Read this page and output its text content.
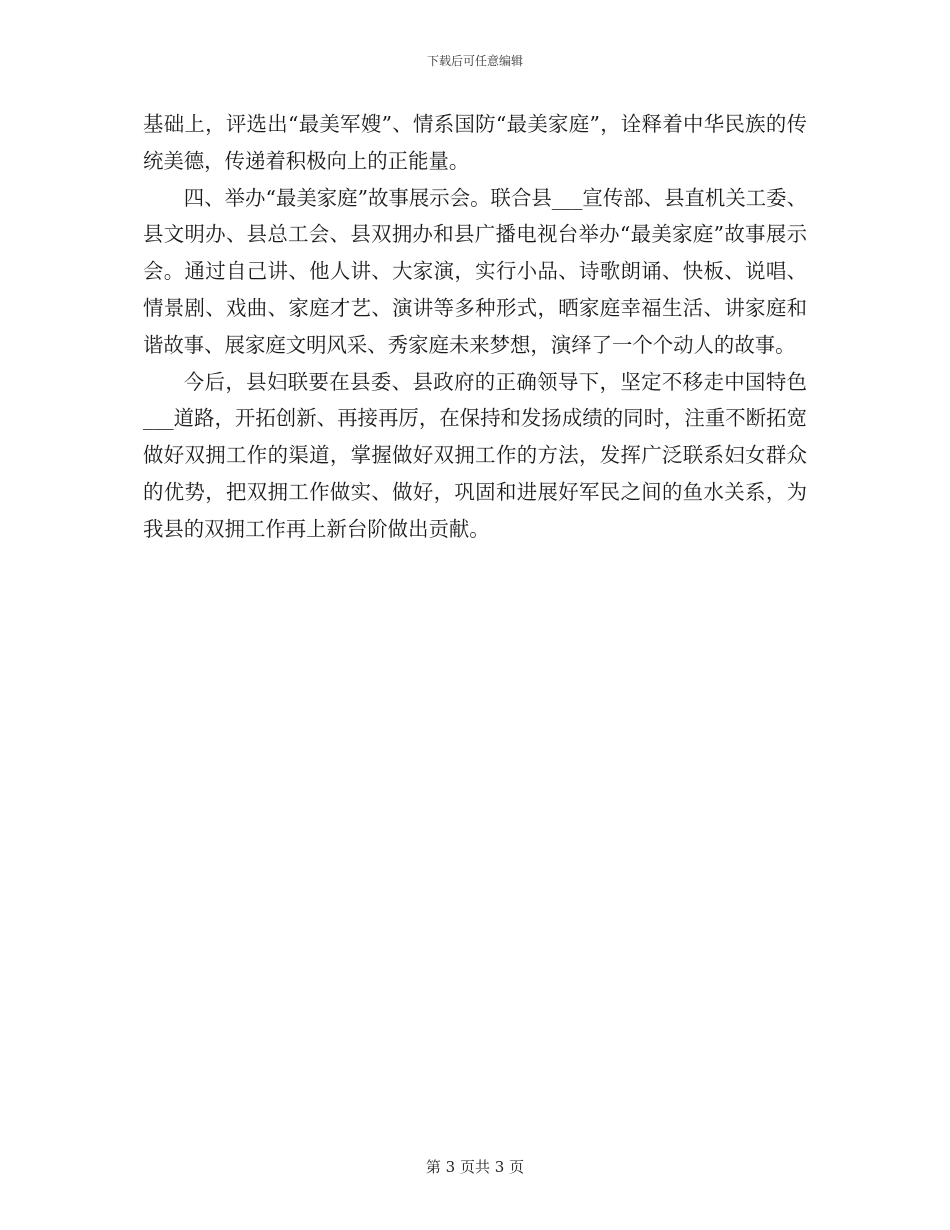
下载后可任意编辑

基础上，评选出“最美军嫂”、情系国防“最美家庭”，诠释着中华民族的传统美德，传递着积极向上的正能量。

四、举办“最美家庭”故事展示会。联合县___宣传部、县直机关工委、县文明办、县总工会、县双拥办和县广播电视台举办“最美家庭”故事展示会。通过自己讲、他人讲、大家演，实行小品、诗歌朗诵、快板、说唱、情景剧、戏曲、家庭才艺、演讲等多种形式，晒家庭幸福生活、讲家庭和谐故事、展家庭文明风采、秀家庭未来梦想，演绎了一个个动人的故事。

今后，县妇联要在县委、县政府的正确领导下，坚定不移走中国特色___道路，开拓创新、再接再厉，在保持和发扬成绩的同时，注重不断拓宽做好双拥工作的渠道，掌握做好双拥工作的方法，发挥广泛联系妇女群众的优势，把双拥工作做实、做好，巩固和进展好军民之间的鱼水关系，为我县的双拥工作再上新台阶做出贡献。

第 3 页共 3 页
